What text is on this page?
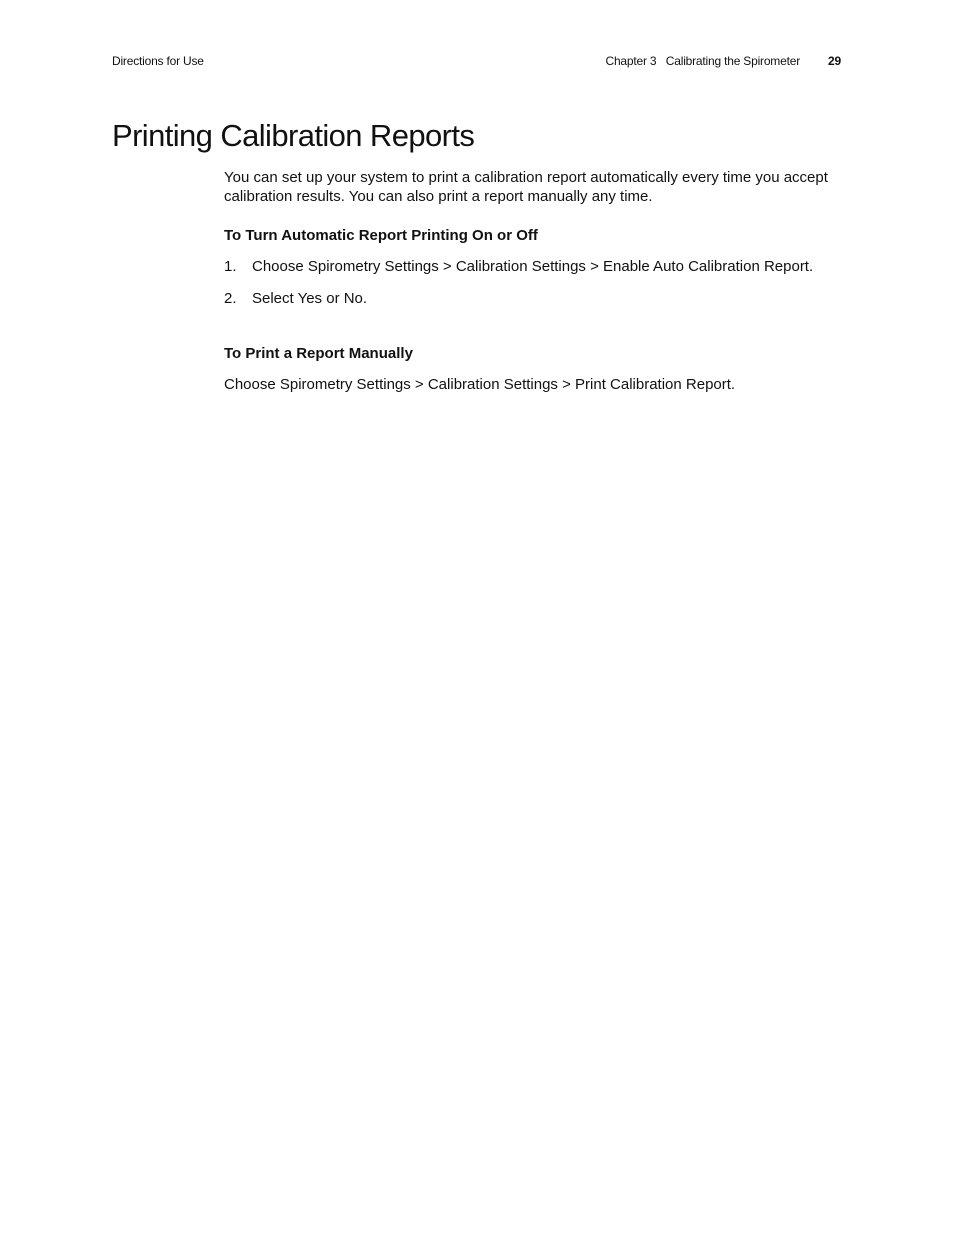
Directions for Use	Chapter 3   Calibrating the Spirometer 29
Printing Calibration Reports

You can set up your system to print a calibration report automatically every time you accept calibration results. You can also print a report manually any time.

To Turn Automatic Report Printing On or Off

1. Choose Spirometry Settings > Calibration Settings > Enable Auto Calibration Report.
2. Select Yes or No.

To Print a Report Manually

Choose Spirometry Settings > Calibration Settings > Print Calibration Report.
